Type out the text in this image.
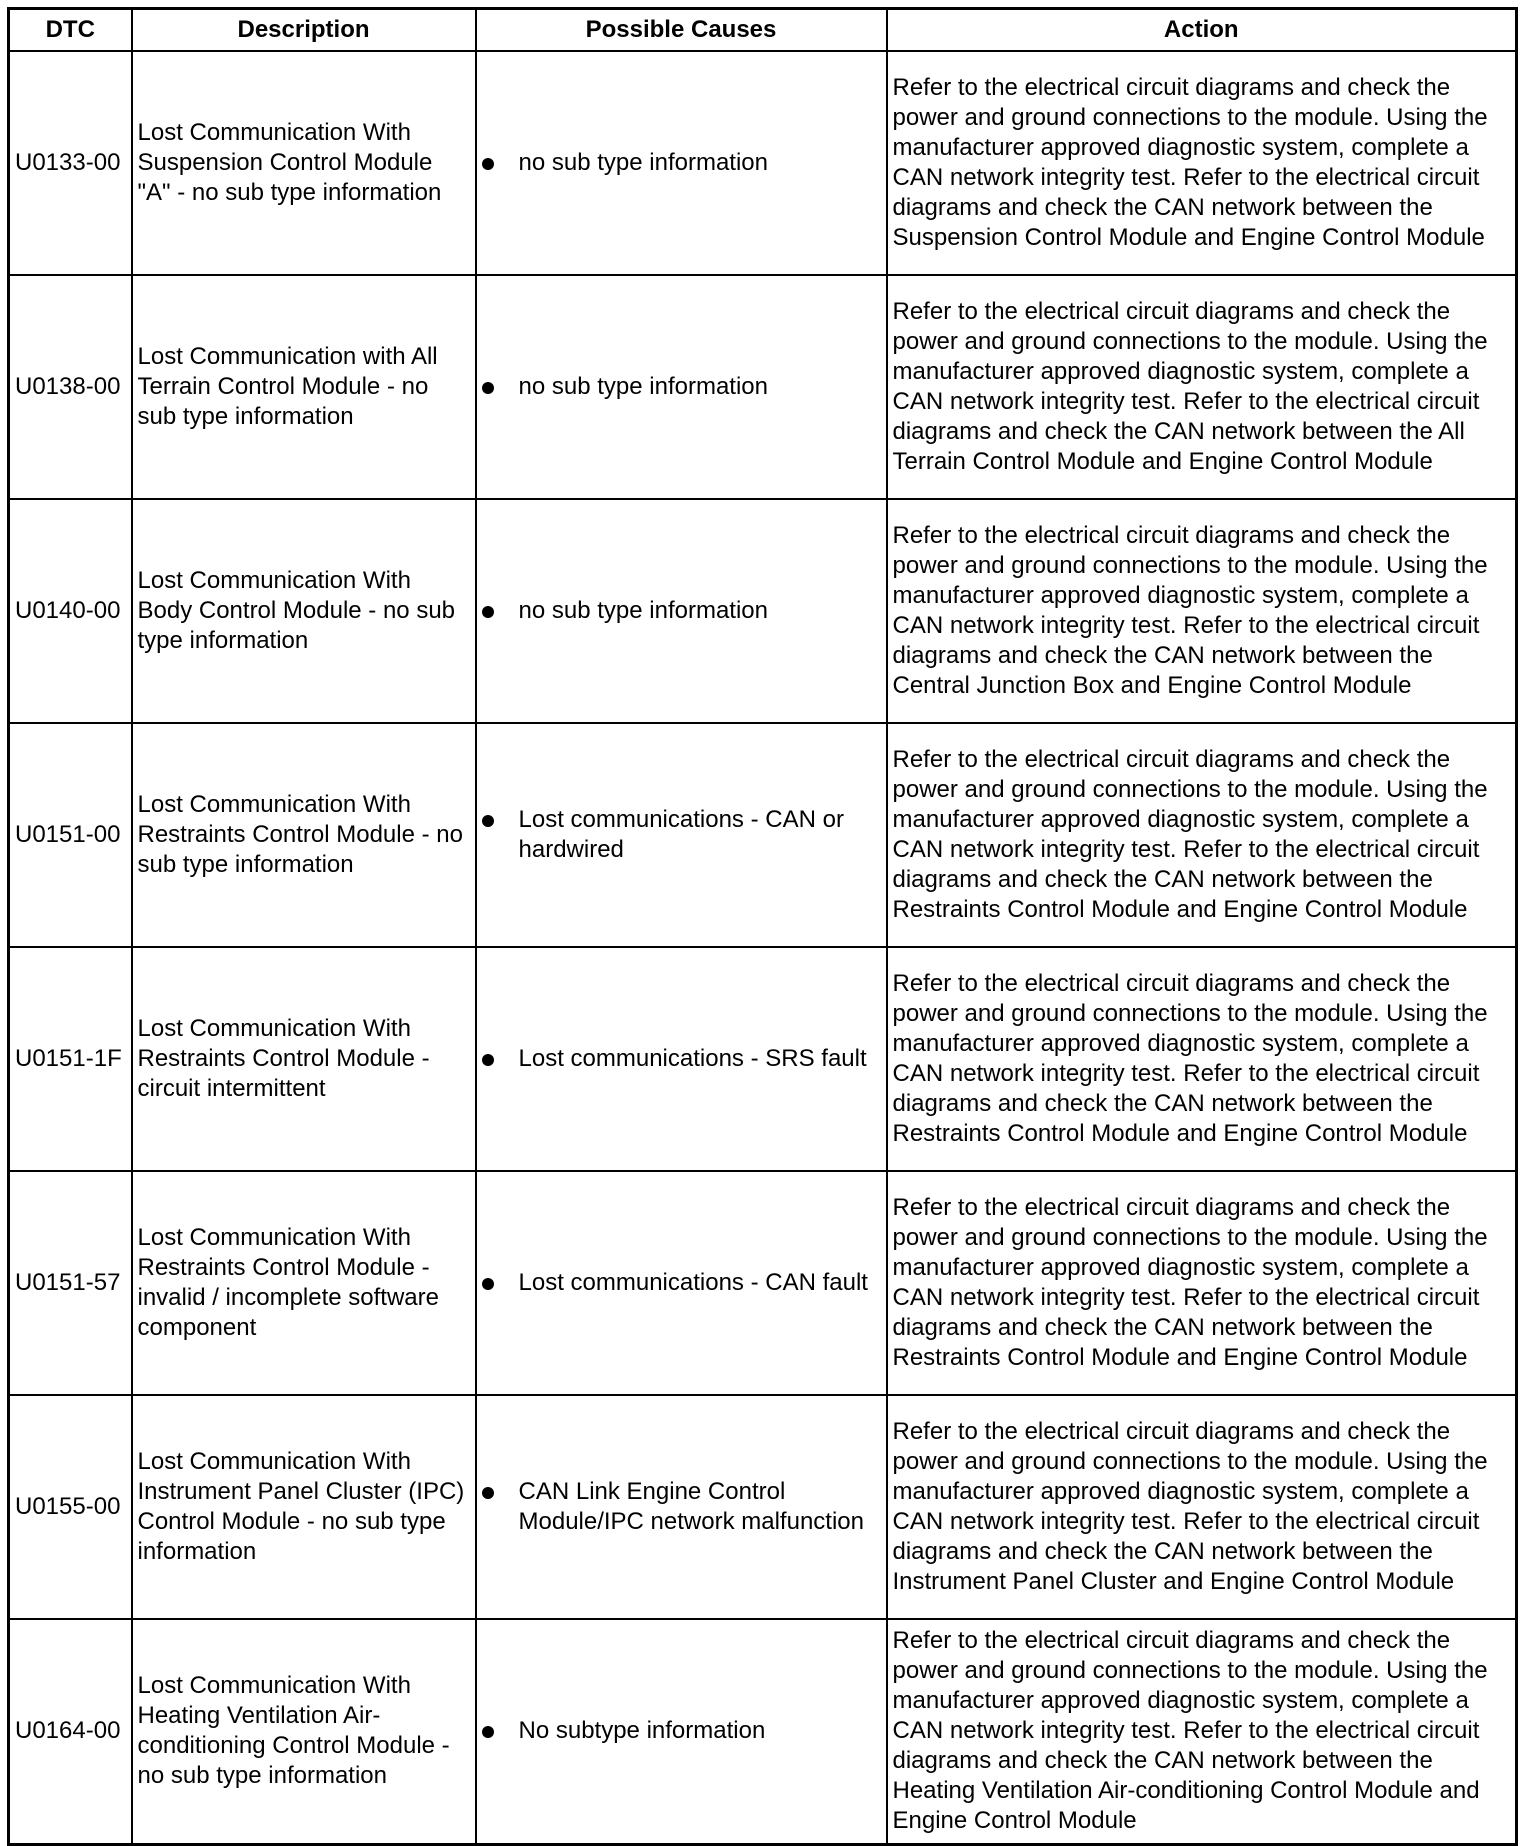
DTC	Description	Possible Causes	Action
U0133-00	Lost Communication With Suspension Control Module "A" - no sub type information	no sub type information	Refer to the electrical circuit diagrams and check the power and ground connections to the module. Using the manufacturer approved diagnostic system, complete a CAN network integrity test. Refer to the electrical circuit diagrams and check the CAN network between the Suspension Control Module and Engine Control Module
U0138-00	Lost Communication with All Terrain Control Module - no sub type information	no sub type information	Refer to the electrical circuit diagrams and check the power and ground connections to the module. Using the manufacturer approved diagnostic system, complete a CAN network integrity test. Refer to the electrical circuit diagrams and check the CAN network between the All Terrain Control Module and Engine Control Module
U0140-00	Lost Communication With Body Control Module - no sub type information	no sub type information	Refer to the electrical circuit diagrams and check the power and ground connections to the module. Using the manufacturer approved diagnostic system, complete a CAN network integrity test. Refer to the electrical circuit diagrams and check the CAN network between the Central Junction Box and Engine Control Module
U0151-00	Lost Communication With Restraints Control Module - no sub type information	Lost communications - CAN or hardwired	Refer to the electrical circuit diagrams and check the power and ground connections to the module. Using the manufacturer approved diagnostic system, complete a CAN network integrity test. Refer to the electrical circuit diagrams and check the CAN network between the Restraints Control Module and Engine Control Module
U0151-1F	Lost Communication With Restraints Control Module - circuit intermittent	Lost communications - SRS fault	Refer to the electrical circuit diagrams and check the power and ground connections to the module. Using the manufacturer approved diagnostic system, complete a CAN network integrity test. Refer to the electrical circuit diagrams and check the CAN network between the Restraints Control Module and Engine Control Module
U0151-57	Lost Communication With Restraints Control Module - invalid / incomplete software component	Lost communications - CAN fault	Refer to the electrical circuit diagrams and check the power and ground connections to the module. Using the manufacturer approved diagnostic system, complete a CAN network integrity test. Refer to the electrical circuit diagrams and check the CAN network between the Restraints Control Module and Engine Control Module
U0155-00	Lost Communication With Instrument Panel Cluster (IPC) Control Module - no sub type information	CAN Link Engine Control Module/IPC network malfunction	Refer to the electrical circuit diagrams and check the power and ground connections to the module. Using the manufacturer approved diagnostic system, complete a CAN network integrity test. Refer to the electrical circuit diagrams and check the CAN network between the Instrument Panel Cluster and Engine Control Module
U0164-00	Lost Communication With Heating Ventilation Air-conditioning Control Module - no sub type information	No subtype information	Refer to the electrical circuit diagrams and check the power and ground connections to the module. Using the manufacturer approved diagnostic system, complete a CAN network integrity test. Refer to the electrical circuit diagrams and check the CAN network between the Heating Ventilation Air-conditioning Control Module and Engine Control Module
